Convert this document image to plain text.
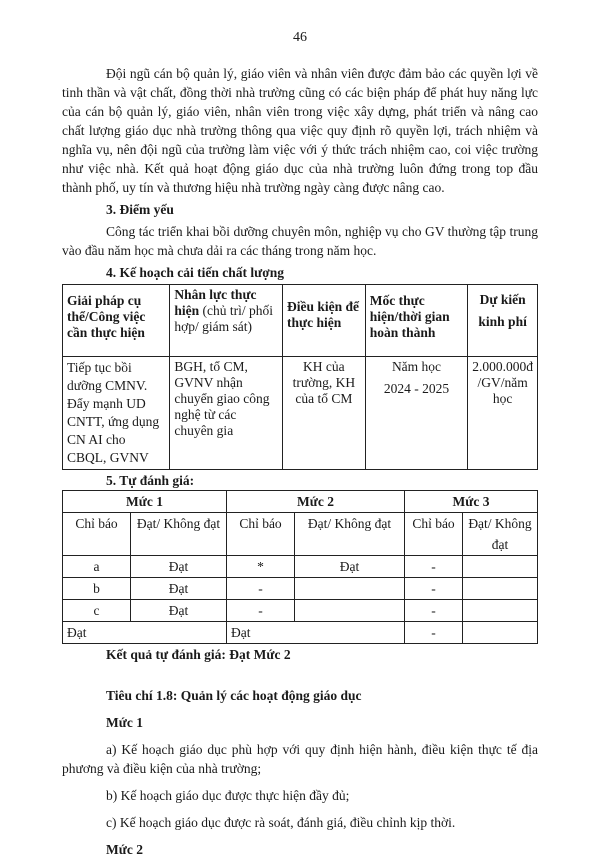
46

Đội ngũ cán bộ quản lý, giáo viên và nhân viên được đảm bảo các quyền lợi về tinh thần và vật chất, đồng thời nhà trường cũng có các biện pháp để phát huy năng lực của cán bộ quản lý, giáo viên, nhân viên trong việc xây dựng, phát triển và nâng cao chất lượng giáo dục nhà trường thông qua việc quy định rõ quyền lợi, trách nhiệm và nghĩa vụ, nên đội ngũ của trường làm việc với ý thức trách nhiệm cao, coi việc trường như việc nhà. Kết quả hoạt động giáo dục của nhà trường luôn đứng trong top đầu thành phố, uy tín và thương hiệu nhà trường ngày càng được nâng cao.

3. Điểm yếu

Công tác triển khai bồi dưỡng chuyên môn, nghiệp vụ cho GV thường tập trung vào đầu năm học mà chưa dải ra các tháng trong năm học.

4. Kế hoạch cải tiến chất lượng

Giải pháp cụ thể/Công việc cần thực hiện	Nhân lực thực hiện (chủ trì/ phối hợp/ giám sát)	Điều kiện để thực hiện	Mốc thực hiện/thời gian hoàn thành	Dự kiến kinh phí
Tiếp tục bồi dưỡng CMNV. Đẩy mạnh UD CNTT, ứng dụng CN AI cho CBQL, GVNV	BGH, tổ CM, GVNV nhận chuyển giao công nghệ từ các chuyên gia	KH của trường, KH của tổ CM	Năm học
2024 - 2025	2.000.000đ /GV/năm học

5. Tự đánh giá:

Mức 1		Mức 2		Mức 3	
Chỉ báo	Đạt/ Không đạt	Chỉ báo	Đạt/ Không đạt	Chỉ báo	Đạt/ Không đạt
a	Đạt	*	Đạt	-	
b	Đạt	-		-	
c	Đạt	-		-	
Đạt		Đạt		-	

Kết quả tự đánh giá: Đạt Mức 2

Tiêu chí 1.8: Quản lý các hoạt động giáo dục

Mức 1

a) Kế hoạch giáo dục phù hợp với quy định hiện hành, điều kiện thực tế địa phương và điều kiện của nhà trường;

b) Kế hoạch giáo dục được thực hiện đầy đủ;

c) Kế hoạch giáo dục được rà soát, đánh giá, điều chỉnh kịp thời.

Mức 2
